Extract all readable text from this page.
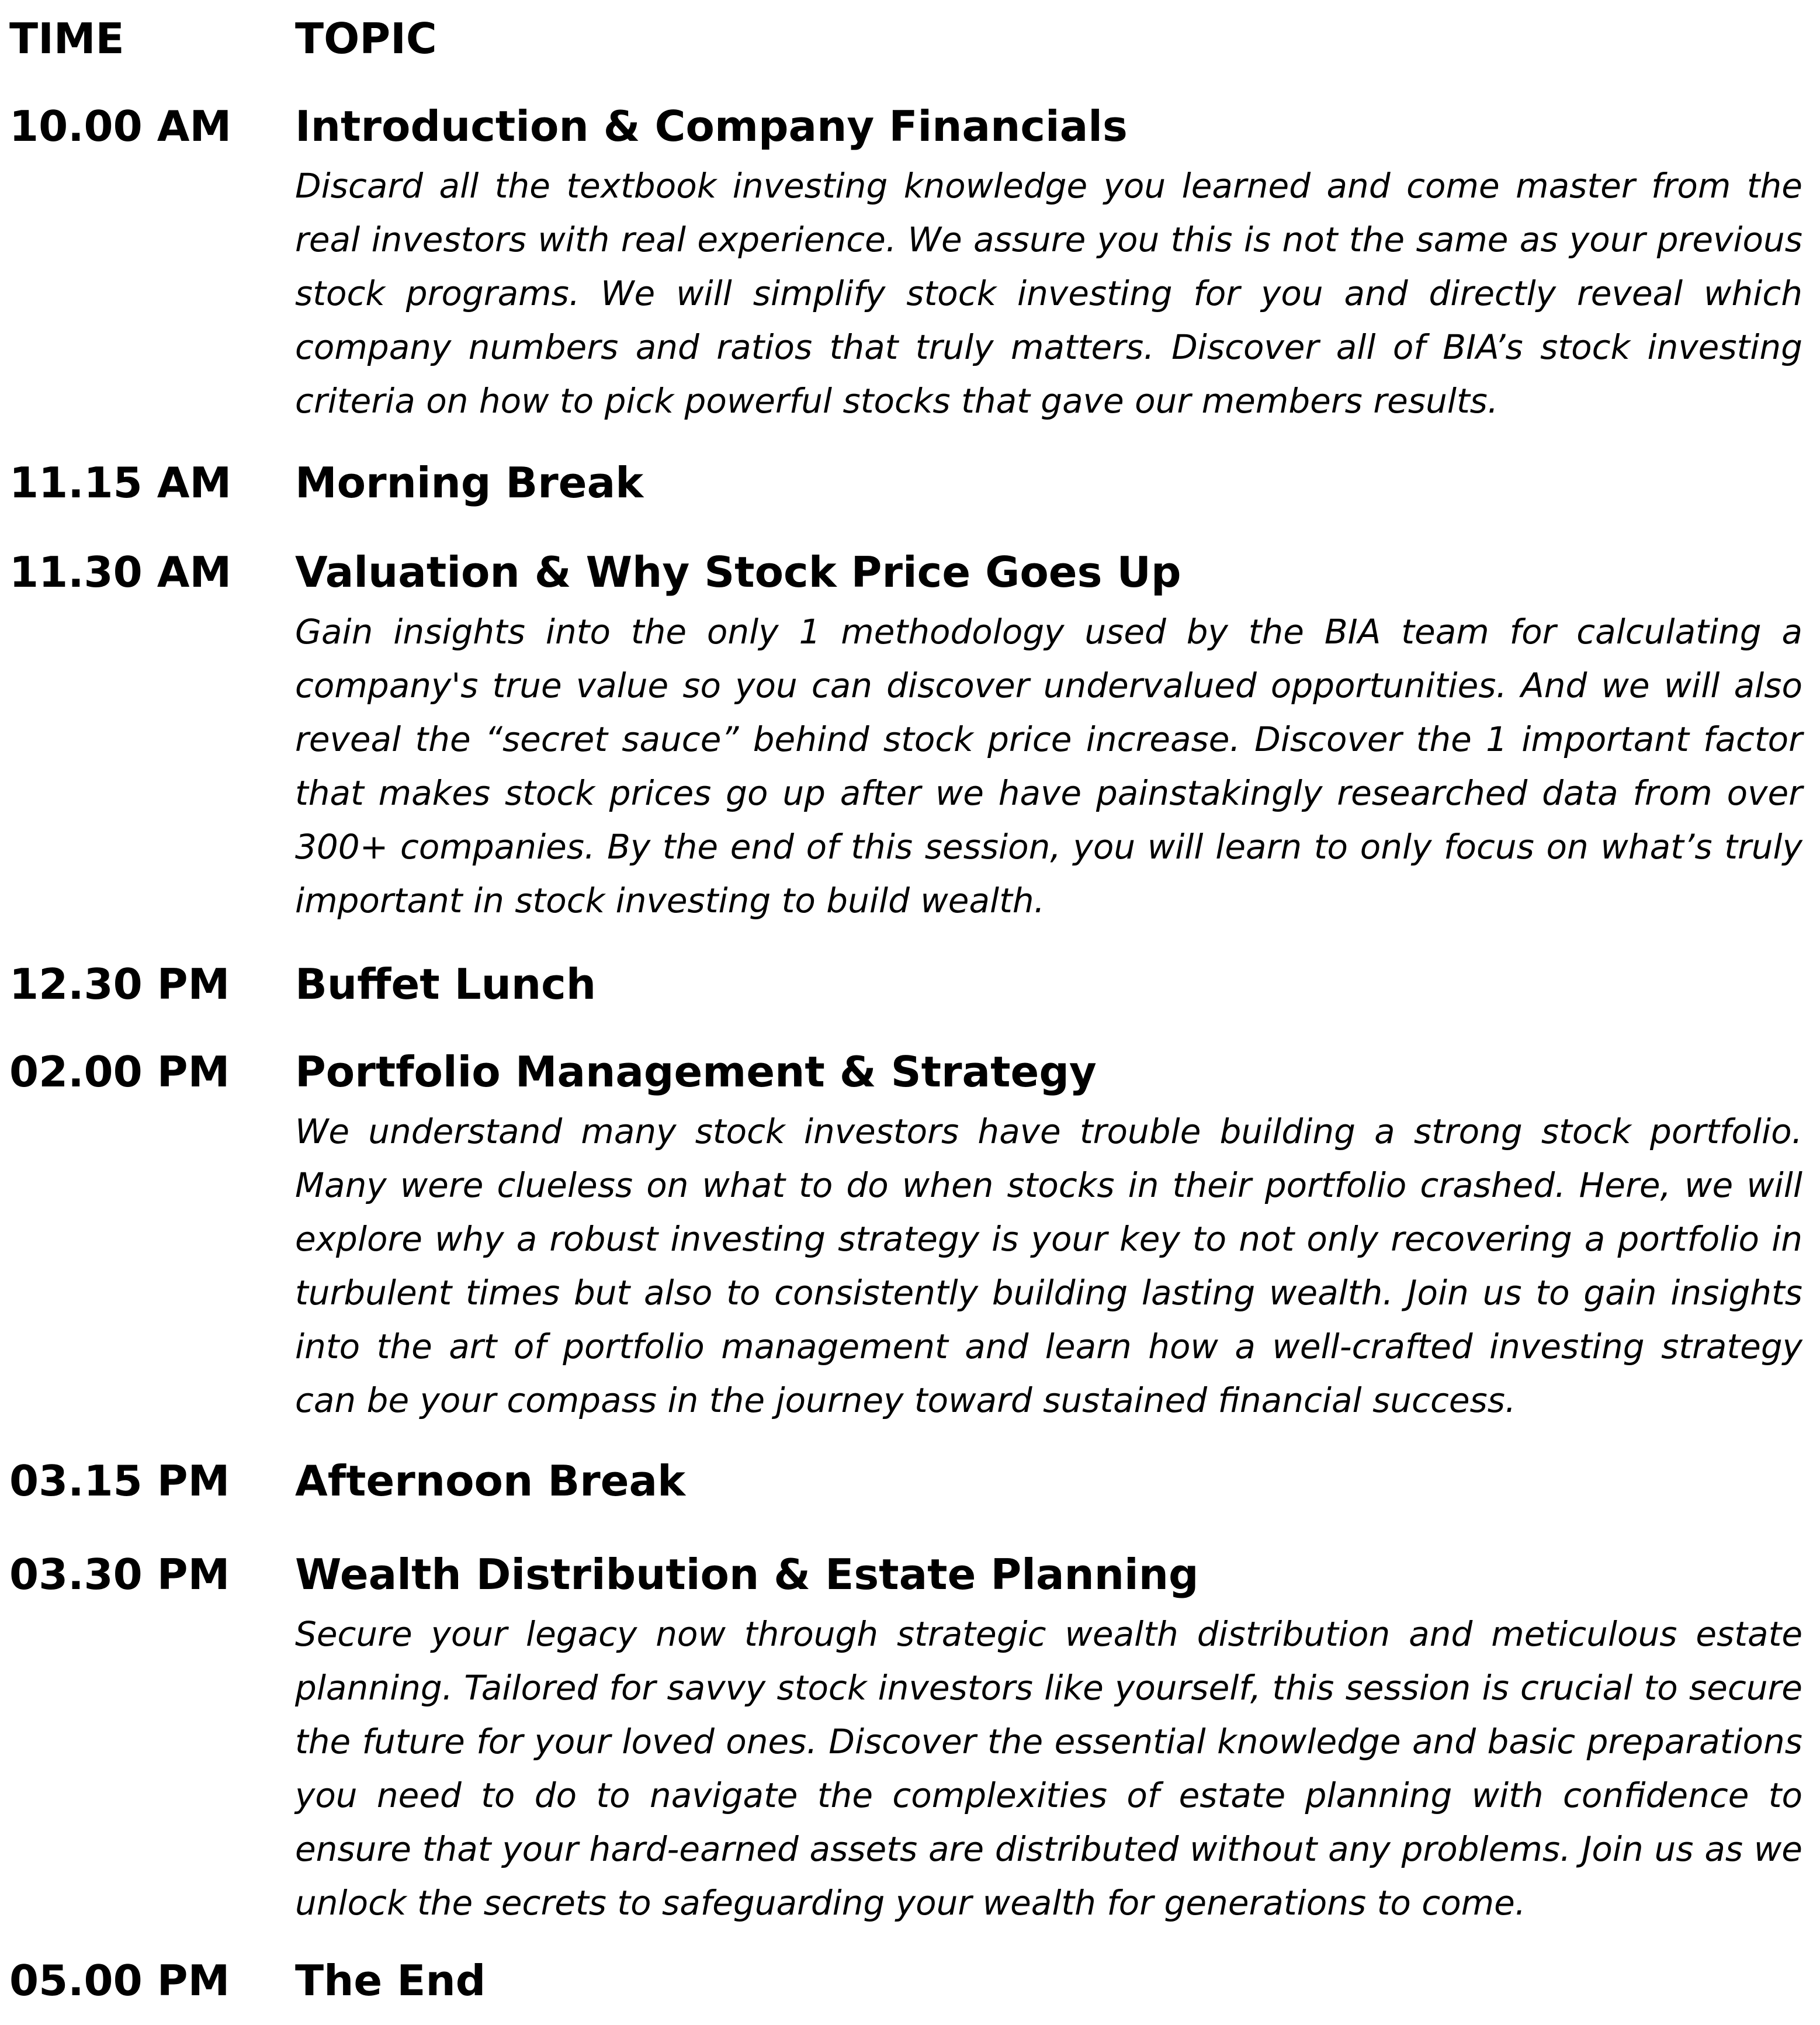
TIME	TOPIC
10.00 AM	Introduction & Company Financials
Discard all the textbook investing knowledge you learned and come master from the real investors with real experience. We assure you this is not the same as your previous stock programs. We will simplify stock investing for you and directly reveal which company numbers and ratios that truly matters. Discover all of BIA’s stock investing criteria on how to pick powerful stocks that gave our members results.
11.15 AM	Morning Break
11.30 AM	Valuation & Why Stock Price Goes Up
Gain insights into the only 1 methodology used by the BIA team for calculating a company's true value so you can discover undervalued opportunities. And we will also reveal the “secret sauce” behind stock price increase. Discover the 1 important factor that makes stock prices go up after we have painstakingly researched data from over 300+ companies. By the end of this session, you will learn to only focus on what’s truly important in stock investing to build wealth.
12.30 PM	Buffet Lunch
02.00 PM	Portfolio Management & Strategy
We understand many stock investors have trouble building a strong stock portfolio. Many were clueless on what to do when stocks in their portfolio crashed. Here, we will explore why a robust investing strategy is your key to not only recovering a portfolio in turbulent times but also to consistently building lasting wealth. Join us to gain insights into the art of portfolio management and learn how a well-crafted investing strategy can be your compass in the journey toward sustained financial success.
03.15 PM	Afternoon Break
03.30 PM	Wealth Distribution & Estate Planning
Secure your legacy now through strategic wealth distribution and meticulous estate planning. Tailored for savvy stock investors like yourself, this session is crucial to secure the future for your loved ones. Discover the essential knowledge and basic preparations you need to do to navigate the complexities of estate planning with confidence to ensure that your hard-earned assets are distributed without any problems. Join us as we unlock the secrets to safeguarding your wealth for generations to come.
05.00 PM	The End
